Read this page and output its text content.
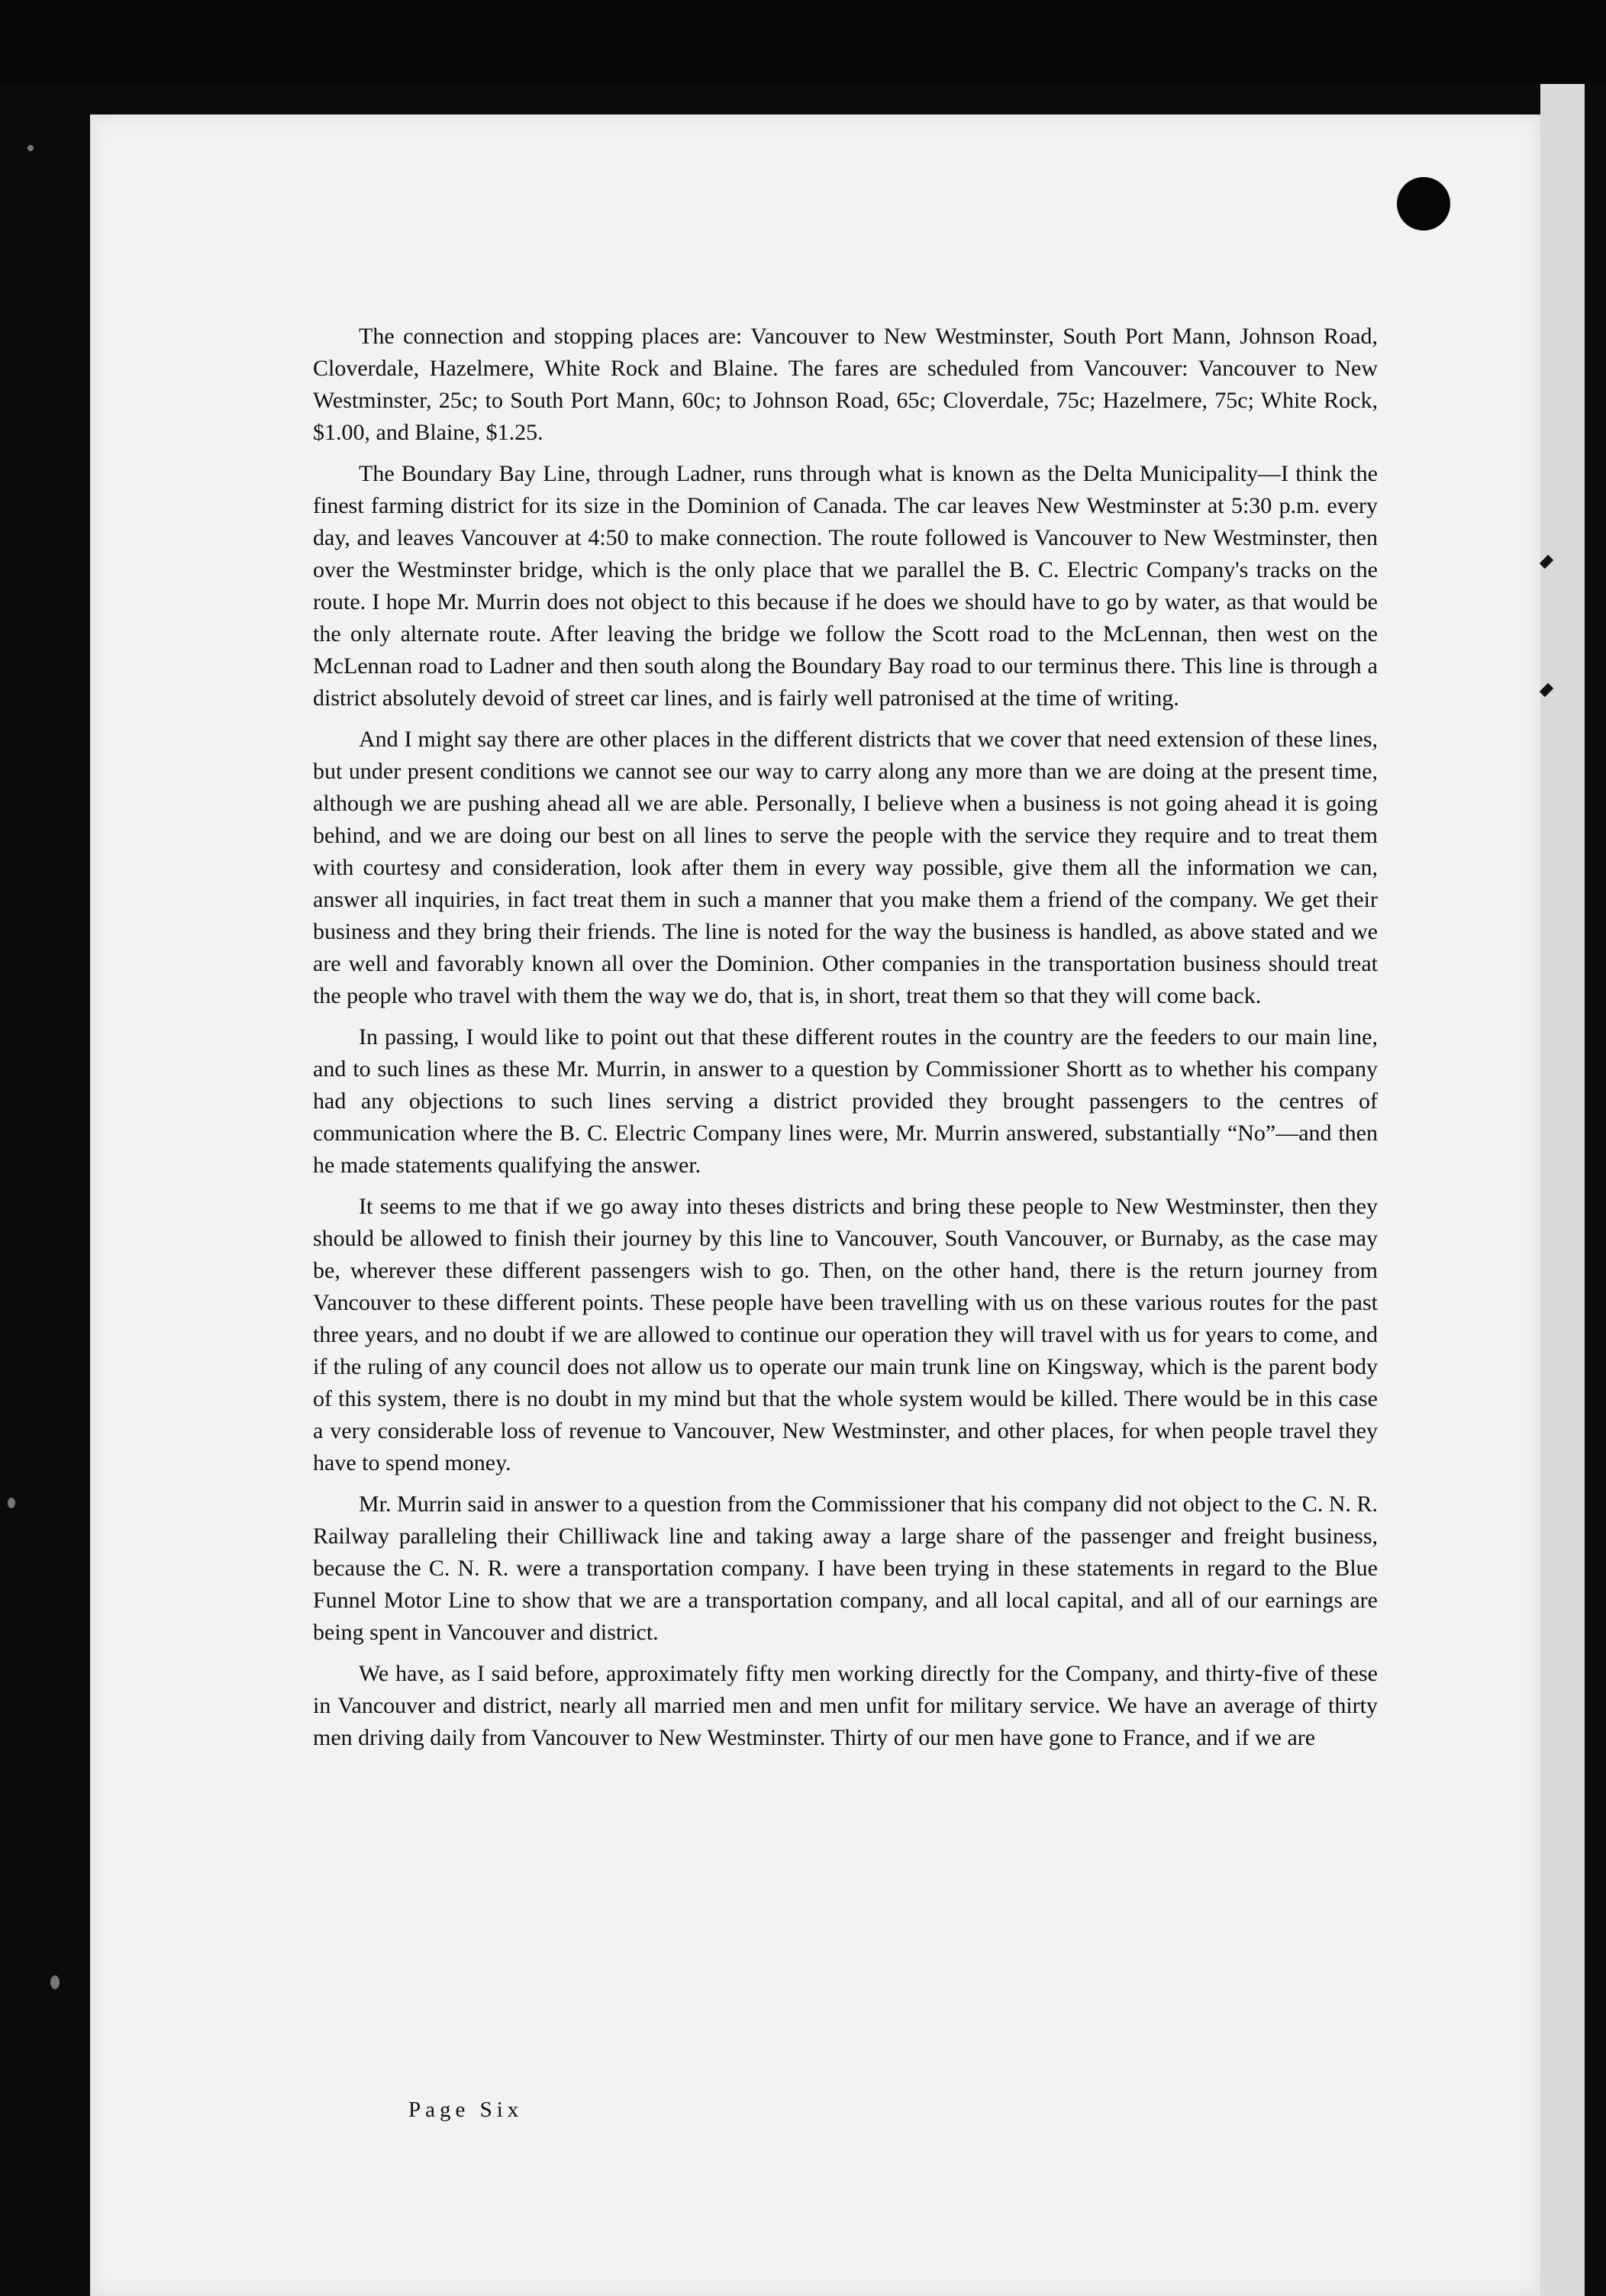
The connection and stopping places are: Vancouver to New Westminster, South Port Mann, Johnson Road, Cloverdale, Hazelmere, White Rock and Blaine. The fares are scheduled from Vancouver: Vancouver to New Westminster, 25c; to South Port Mann, 60c; to Johnson Road, 65c; Cloverdale, 75c; Hazelmere, 75c; White Rock, $1.00, and Blaine, $1.25.

The Boundary Bay Line, through Ladner, runs through what is known as the Delta Municipality—I think the finest farming district for its size in the Dominion of Canada. The car leaves New Westminster at 5:30 p.m. every day, and leaves Vancouver at 4:50 to make connection. The route followed is Vancouver to New Westminster, then over the Westminster bridge, which is the only place that we parallel the B. C. Electric Company's tracks on the route. I hope Mr. Murrin does not object to this because if he does we should have to go by water, as that would be the only alternate route. After leaving the bridge we follow the Scott road to the McLennan, then west on the McLennan road to Ladner and then south along the Boundary Bay road to our terminus there. This line is through a district absolutely devoid of street car lines, and is fairly well patronised at the time of writing.

And I might say there are other places in the different districts that we cover that need extension of these lines, but under present conditions we cannot see our way to carry along any more than we are doing at the present time, although we are pushing ahead all we are able. Personally, I believe when a business is not going ahead it is going behind, and we are doing our best on all lines to serve the people with the service they require and to treat them with courtesy and consideration, look after them in every way possible, give them all the information we can, answer all inquiries, in fact treat them in such a manner that you make them a friend of the company. We get their business and they bring their friends. The line is noted for the way the business is handled, as above stated and we are well and favorably known all over the Dominion. Other companies in the transportation business should treat the people who travel with them the way we do, that is, in short, treat them so that they will come back.

In passing, I would like to point out that these different routes in the country are the feeders to our main line, and to such lines as these Mr. Murrin, in answer to a question by Commissioner Shortt as to whether his company had any objections to such lines serving a district provided they brought passengers to the centres of communication where the B. C. Electric Company lines were, Mr. Murrin answered, substantially “No”—and then he made statements qualifying the answer.

It seems to me that if we go away into theses districts and bring these people to New Westminster, then they should be allowed to finish their journey by this line to Vancouver, South Vancouver, or Burnaby, as the case may be, wherever these different passengers wish to go. Then, on the other hand, there is the return journey from Vancouver to these different points. These people have been travelling with us on these various routes for the past three years, and no doubt if we are allowed to continue our operation they will travel with us for years to come, and if the ruling of any council does not allow us to operate our main trunk line on Kingsway, which is the parent body of this system, there is no doubt in my mind but that the whole system would be killed. There would be in this case a very considerable loss of revenue to Vancouver, New Westminster, and other places, for when people travel they have to spend money.

Mr. Murrin said in answer to a question from the Commissioner that his company did not object to the C. N. R. Railway paralleling their Chilliwack line and taking away a large share of the passenger and freight business, because the C. N. R. were a transportation company. I have been trying in these statements in regard to the Blue Funnel Motor Line to show that we are a transportation company, and all local capital, and all of our earnings are being spent in Vancouver and district.

We have, as I said before, approximately fifty men working directly for the Company, and thirty-five of these in Vancouver and district, nearly all married men and men unfit for military service. We have an average of thirty men driving daily from Vancouver to New Westminster. Thirty of our men have gone to France, and if we are

Page Six
